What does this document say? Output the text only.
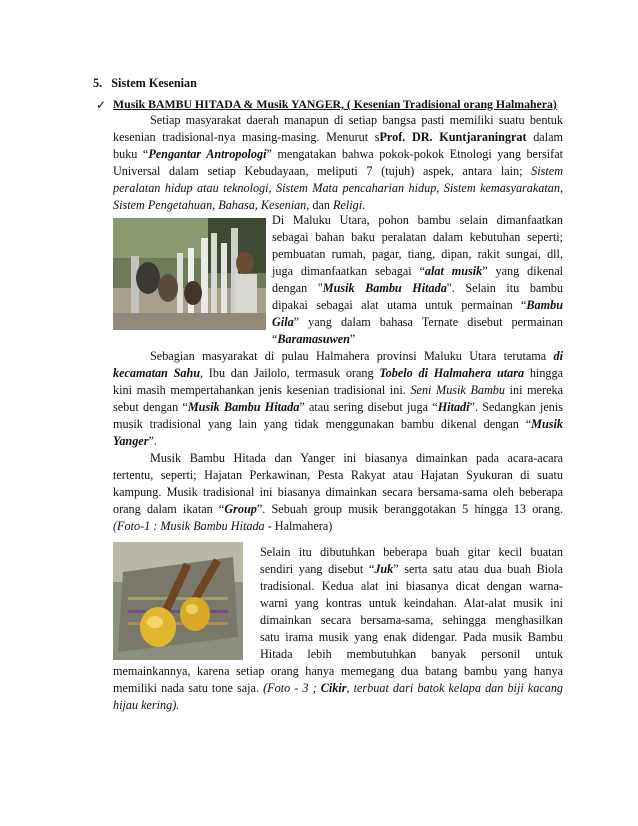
5. Sistem Kesenian
✓ Musik BAMBU HITADA & Musik YANGER, ( Kesenian Tradisional orang Halmahera)
Setiap masyarakat daerah manapun di setiap bangsa pasti memiliki suatu bentuk
kesenian tradisional-nya masing-masing. Menurut sProf. DR. Kuntjaraningrat dalam
buku “Pengantar Antropologi” mengatakan bahwa pokok-pokok Etnologi yang bersifat
Universal dalam setiap Kebudayaan, meliputi 7 (tujuh) aspek, antara lain; Sistem
peralatan hidup atau teknologi, Sistem Mata pencaharian hidup, Sistem kemasyarakatan,
Sistem Pengetahuan, Bahasa, Kesenian, dan Religi.
Di Maluku Utara, pohon bambu selain dimanfaatkan
sebagai bahan baku peralatan dalam kebutuhan seperti;
pembuatan rumah, pagar, tiang, dipan, rakit sungai, dll,
juga dimanfaatkan sebagai “alat musik” yang dikenal
dengan "Musik Bambu Hitada". Selain itu bambu
dipakai sebagai alat utama untuk permainan “Bambu
Gila” yang dalam bahasa Ternate disebut permainan
“Baramasuwen”
Sebagian masyarakat di pulau Halmahera provinsi Maluku Utara terutama di
kecamatan Sahu, Ibu dan Jailolo, termasuk orang Tobelo di Halmahera utara hingga
kini masih mempertahankan jenis kesenian tradisional ini. Seni Musik Bambu ini mereka
sebut dengan “Musik Bambu Hitada” atau sering disebut juga “Hitadi”. Sedangkan jenis
musik tradisional yang lain yang tidak menggunakan bambu dikenal dengan “Musik
Yanger”.
Musik Bambu Hitada dan Yanger ini biasanya dimainkan pada acara-acara
tertentu, seperti; Hajatan Perkawinan, Pesta Rakyat atau Hajatan Syukuran di suatu
kampung. Musik tradisional ini biasanya dimainkan secara bersama-sama oleh beberapa
orang dalam ikatan “Group”. Sebuah group musik beranggotakan 5 hingga 13 orang.
(Foto-1 : Musik Bambu Hitada - Halmahera)
Selain itu dibutuhkan beberapa buah gitar kecil buatan
sendiri yang disebut “Juk” serta satu atau dua buah Biola
tradisional. Kedua alat ini biasanya dicat dengan warna-
warni yang kontras untuk keindahan. Alat-alat musik ini
dimainkan secara bersama-sama, sehingga menghasilkan
satu irama musik yang enak didengar. Pada musik Bambu
Hitada lebih membutuhkan banyak personil untuk
memainkannya, karena setiap orang hanya memegang dua batang bambu yang hanya
memiliki nada satu tone saja. (Foto - 3 ; Cikir, terbuat dari batok kelapa dan biji kacang
hijau kering).
